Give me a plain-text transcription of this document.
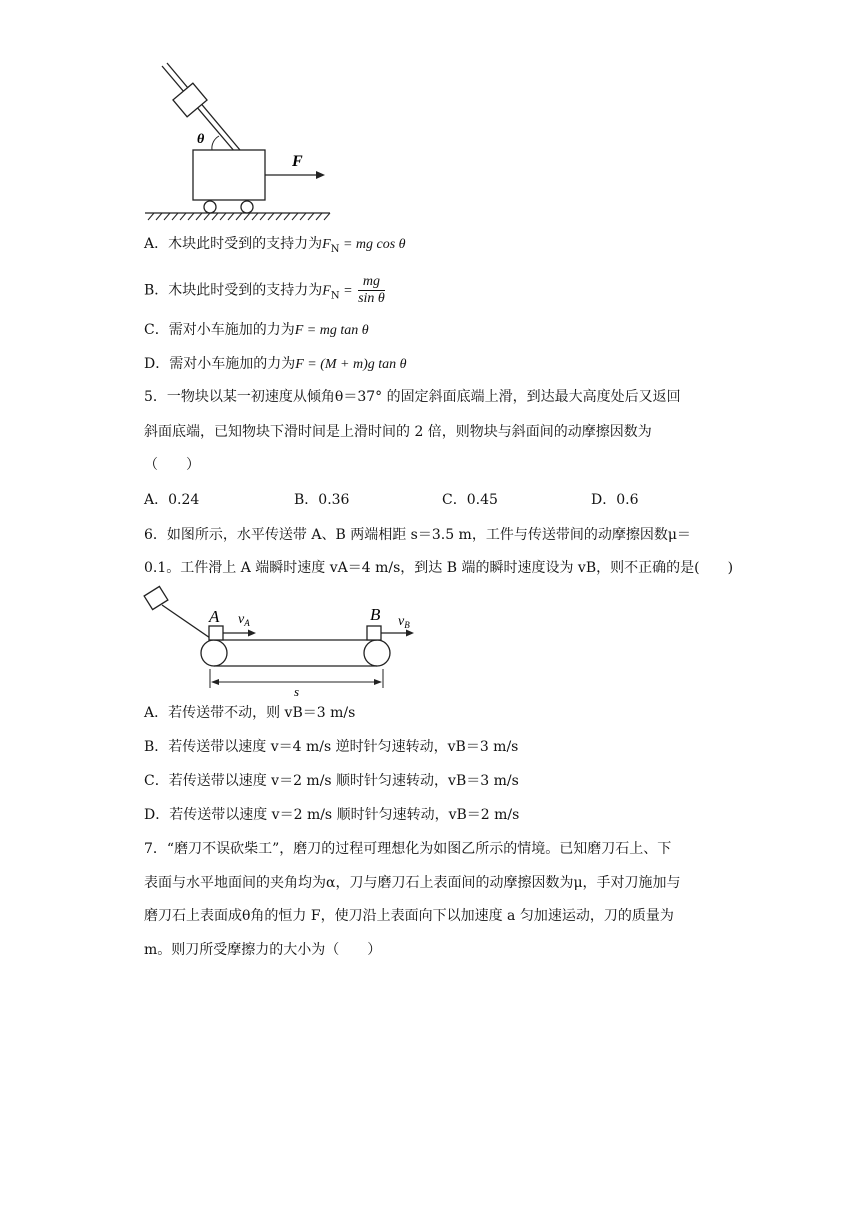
F
θ
A．木块此时受到的支持力为$F_N$ = mg cos θ
B．木块此时受到的支持力为$F_N = \frac{mg}{\text{sin θ}}$
C．需对小车施加的力为F = mg tan θ
D．需对小车施加的力为F = (M + m)g tan θ
5．一物块以某一初速度从倾角θ＝37° 的固定斜面底端上滑，到达最大高度处后又返回
斜面底端，已知物块下滑时间是上滑时间的 2 倍，则物块与斜面间的动摩擦因数为
（　　）
A．0.24	B．0.36	C．0.45	D．0.6
6．如图所示，水平传送带 A、B 两端相距 s＝3.5 m，工件与传送带间的动摩擦因数μ＝
0.1。工件滑上 A 端瞬时速度 vA＝4 m/s，到达 B 端的瞬时速度设为 vB，则不正确的是(　　)
A	B
$v_A$	$v_B$
s
A．若传送带不动，则 vB＝3 m/s
B．若传送带以速度 v＝4 m/s 逆时针匀速转动，vB＝3 m/s
C．若传送带以速度 v＝2 m/s 顺时针匀速转动，vB＝3 m/s
D．若传送带以速度 v＝2 m/s 顺时针匀速转动，vB＝2 m/s
7．“磨刀不误砍柴工”，磨刀的过程可理想化为如图乙所示的情境。已知磨刀石上、下
表面与水平地面间的夹角均为α，刀与磨刀石上表面间的动摩擦因数为μ，手对刀施加与
磨刀石上表面成θ角的恒力 F，使刀沿上表面向下以加速度 a 匀加速运动，刀的质量为
m。则刀所受摩擦力的大小为（　　）
